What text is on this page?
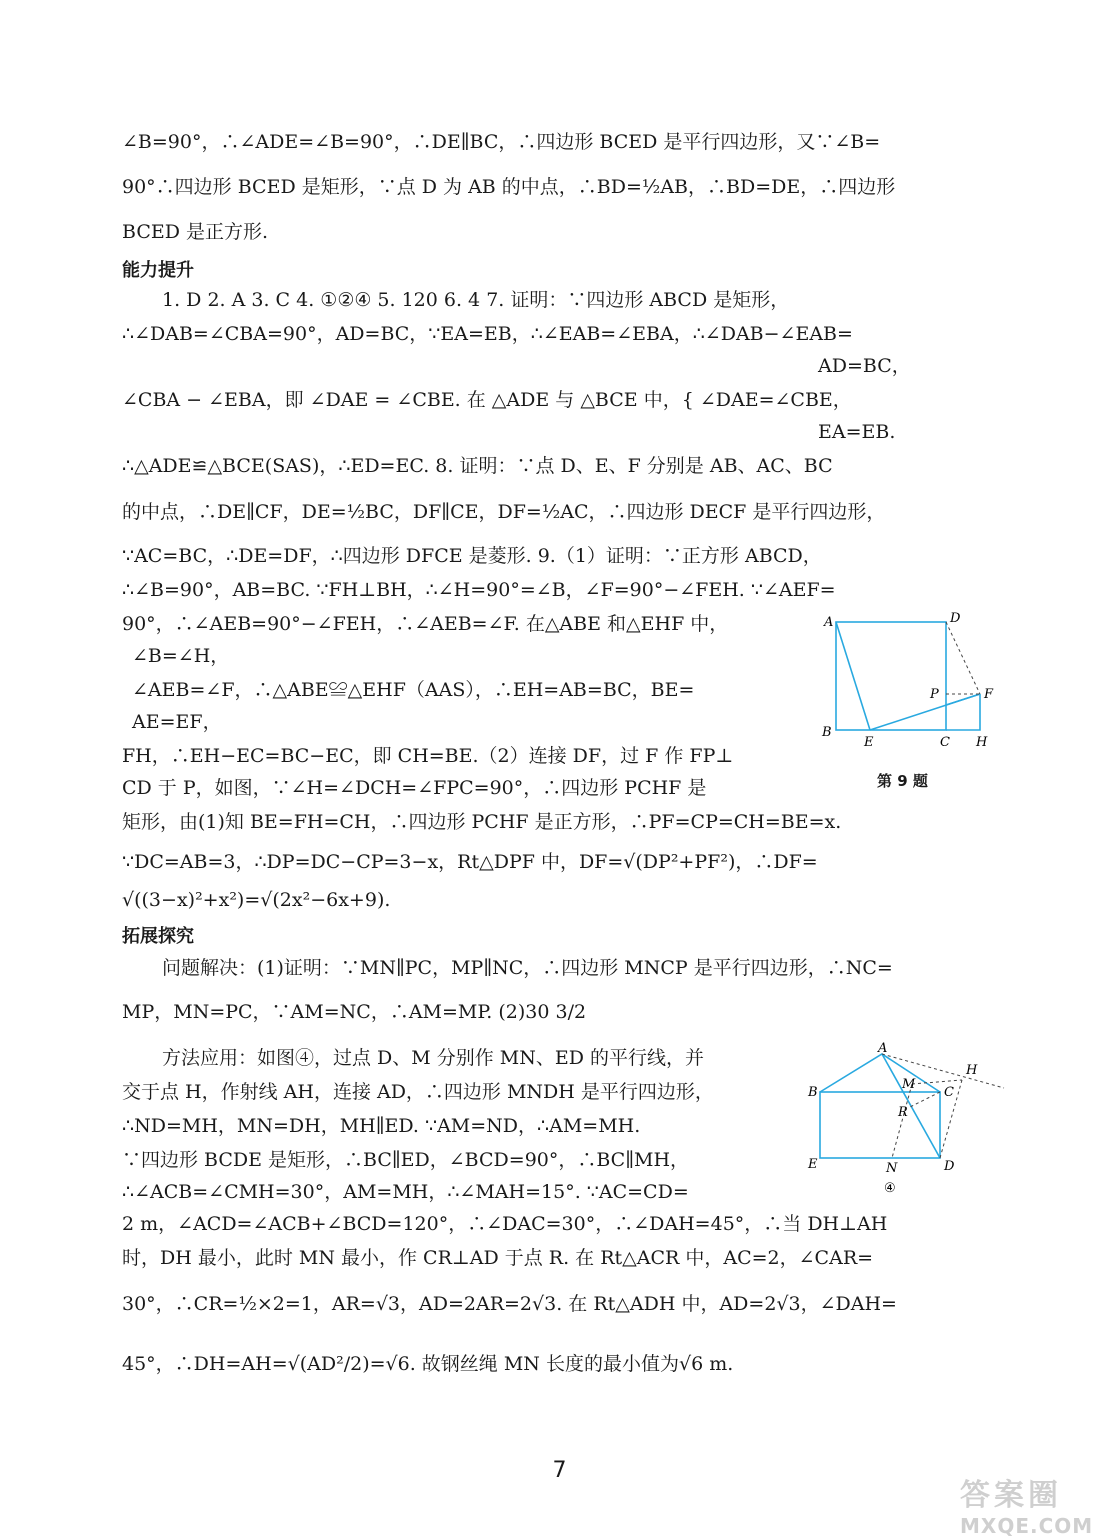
∠B=90°，∴∠ADE=∠B=90°，∴DE∥BC，∴四边形 BCED 是平行四边形，又∵∠B=
90°∴四边形 BCED 是矩形，∵点 D 为 AB 的中点，∴BD=½AB，∴BD=DE，∴四边形
BCED 是正方形.
能力提升
1. D 2. A 3. C 4. ①②④ 5. 120 6. 4 7. 证明：∵四边形 ABCD 是矩形，
∴∠DAB=∠CBA=90°，AD=BC，∵EA=EB，∴∠EAB=∠EBA，∴∠DAB−∠EAB=
AD=BC，
∠CBA − ∠EBA，即 ∠DAE = ∠CBE. 在 △ADE 与 △BCE 中，{ ∠DAE=∠CBE，
EA=EB.
∴△ADE≌△BCE(SAS)，∴ED=EC. 8. 证明：∵点 D、E、F 分别是 AB、AC、BC
的中点，∴DE∥CF，DE=½BC，DF∥CE，DF=½AC，∴四边形 DECF 是平行四边形，
∵AC=BC，∴DE=DF，∴四边形 DFCE 是菱形. 9.（1）证明：∵正方形 ABCD，
∴∠B=90°，AB=BC. ∵FH⊥BH，∴∠H=90°=∠B，∠F=90°−∠FEH. ∵∠AEF=
90°，∴∠AEB=90°−∠FEH，∴∠AEB=∠F. 在△ABE 和△EHF 中，
∠B=∠H，
∠AEB=∠F，∴△ABE≌△EHF（AAS），∴EH=AB=BC，BE=
AE=EF，
FH，∴EH−EC=BC−EC，即 CH=BE.（2）连接 DF，过 F 作 FP⊥
CD 于 P，如图，∵∠H=∠DCH=∠FPC=90°，∴四边形 PCHF 是
矩形，由(1)知 BE=FH=CH，∴四边形 PCHF 是正方形，∴PF=CP=CH=BE=x.
∵DC=AB=3，∴DP=DC−CP=3−x，Rt△DPF 中，DF=√(DP²+PF²)，∴DF=
√((3−x)²+x²)=√(2x²−6x+9).
拓展探究
问题解决：(1)证明：∵MN∥PC，MP∥NC，∴四边形 MNCP 是平行四边形，∴NC=
MP，MN=PC，∵AM=NC，∴AM=MP. (2)30 3/2
方法应用：如图④，过点 D、M 分别作 MN、ED 的平行线，并
交于点 H，作射线 AH，连接 AD，∴四边形 MNDH 是平行四边形，
∴ND=MH，MN=DH，MH∥ED. ∵AM=ND，∴AM=MH.
∵四边形 BCDE 是矩形，∴BC∥ED，∠BCD=90°，∴BC∥MH，
∴∠ACB=∠CMH=30°，AM=MH，∴∠MAH=15°. ∵AC=CD=
2 m，∠ACD=∠ACB+∠BCD=120°，∴∠DAC=30°，∴∠DAH=45°，∴当 DH⊥AH
时，DH 最小，此时 MN 最小，作 CR⊥AD 于点 R. 在 Rt△ACR 中，AC=2，∠CAR=
30°，∴CR=½×2=1，AR=√3，AD=2AR=2√3. 在 Rt△ADH 中，AD=2√3，∠DAH=
45°，∴DH=AH=√(AD²/2)=√6. 故钢丝绳 MN 长度的最小值为√6 m.
A	D
P	F
B
E	C H
第 9 题
A
H
B
M
C
R
E	N	D
④
7
答案圈
MXQE.COM
